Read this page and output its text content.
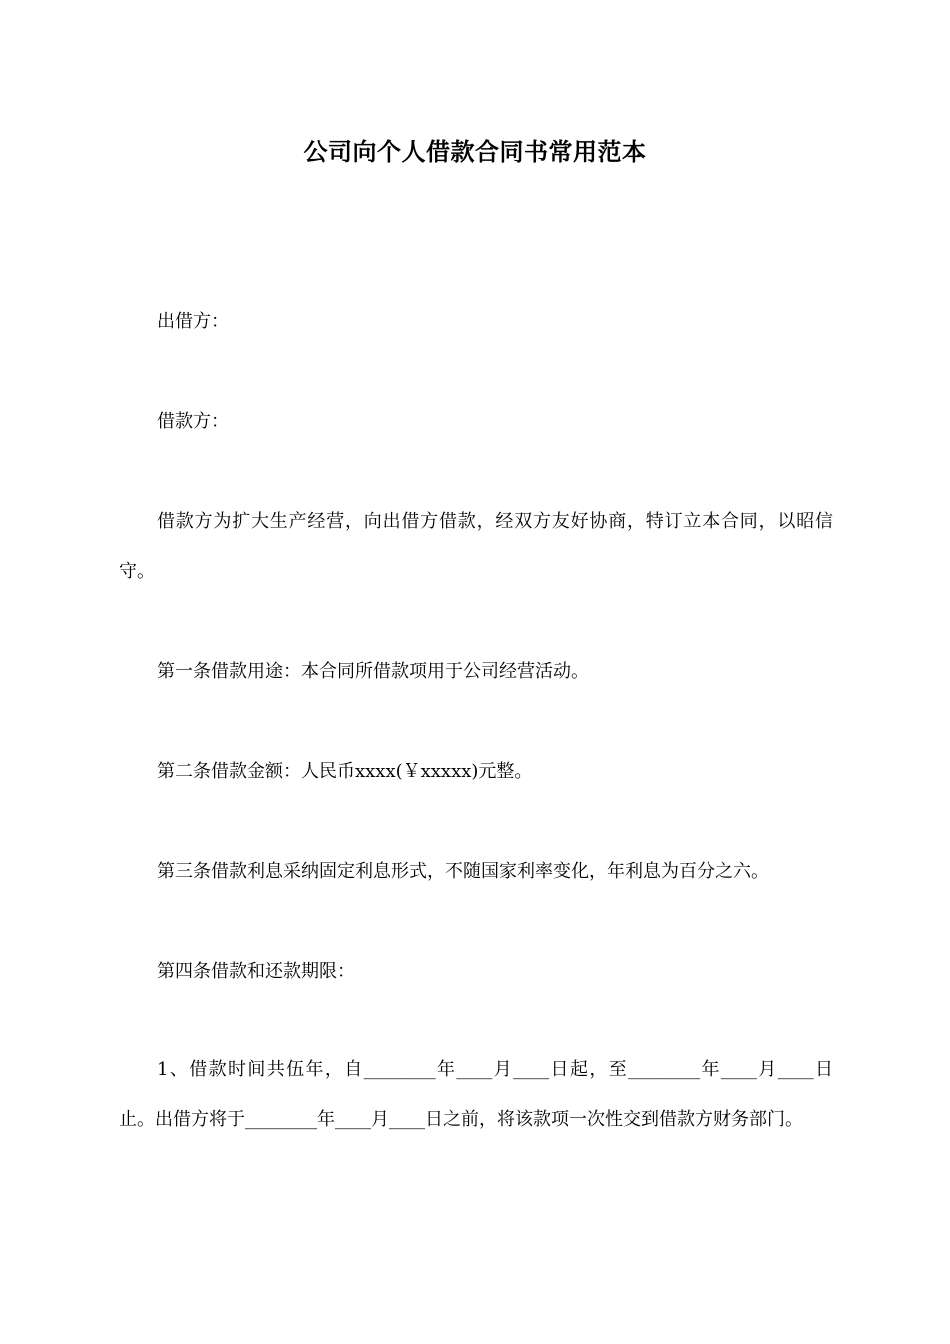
公司向个人借款合同书常用范本

出借方：

借款方：

借款方为扩大生产经营，向出借方借款，经双方友好协商，特订立本合同，以昭信守。

第一条借款用途：本合同所借款项用于公司经营活动。

第二条借款金额：人民币xxxx(￥xxxxx)元整。

第三条借款利息采纳固定利息形式，不随国家利率变化，年利息为百分之六。

第四条借款和还款期限：

1、借款时间共伍年，自________年____月____日起，至________年____月____日止。出借方将于________年____月____日之前，将该款项一次性交到借款方财务部门。
